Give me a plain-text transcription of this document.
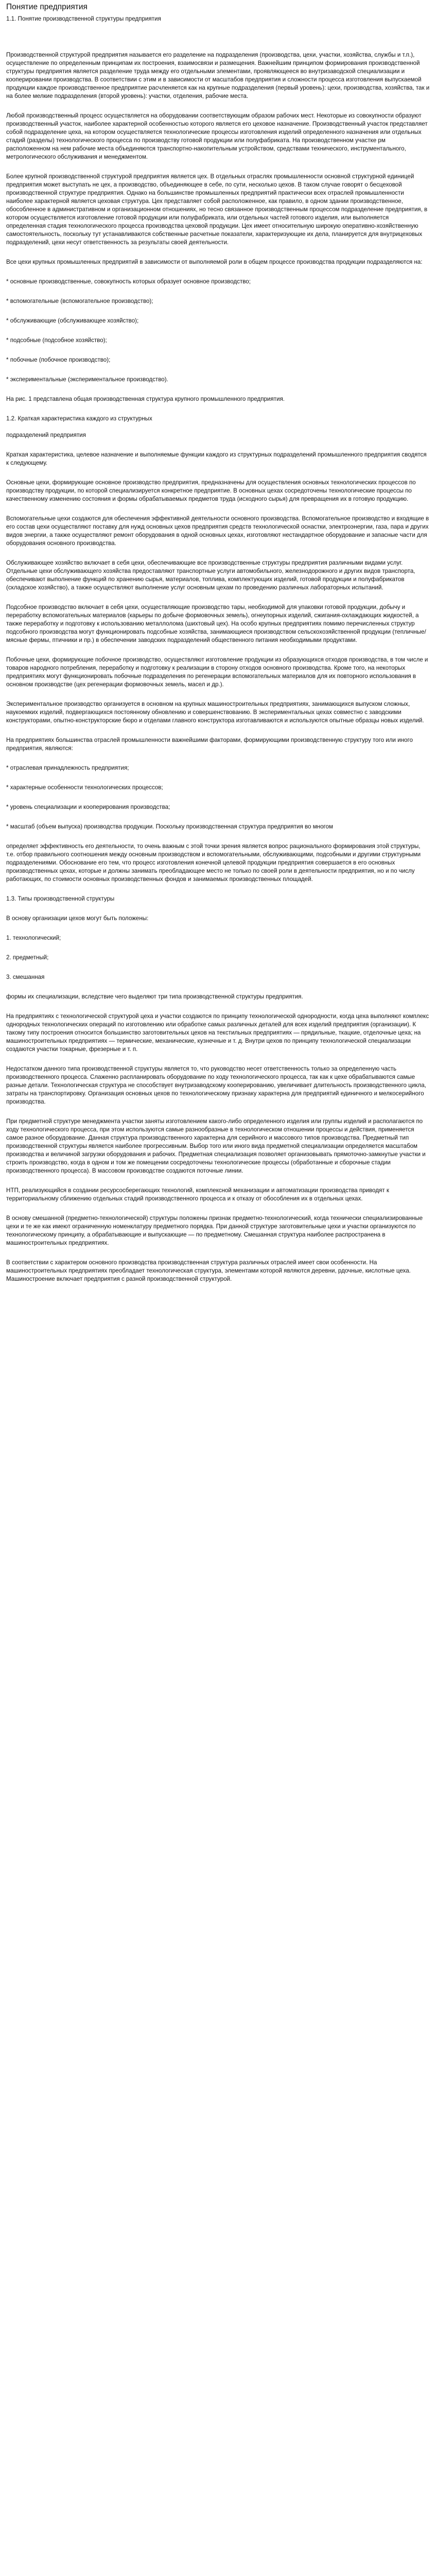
Понятие предприятия
1.1. Понятие производственной структуры предприятия

Производственной структурой предприятия называется его разделение на подразделения (производства, цехи, участки, хозяйства, службы и т.п.), осуществление по определенным принципам их построения, взаимосвязи и размещения. Важнейшим принципом формирования производственной структуры предприятия является разделение труда между его отдельными элементами, проявляющееся во внутризаводской специализации и кооперировании производства. В соответствии с этим и в зависимости от масштабов предприятия и сложности процесса изготовления выпускаемой продукции каждое производственное предприятие расчленяется как на крупные подразделения (первый уровень): цехи, производства, хозяйства, так и на более мелкие подразделения (второй уровень): участки, отделения, рабочие места.

Любой производственный процесс осуществляется на оборудовании соответствующим образом рабочих мест. Некоторые из совокупности образуют производственный участок, наиболее характерной особенностью которого является его цеховое назначение. Производственный участок представляет собой подразделение цеха, на котором осуществляется технологические процессы изготовления изделий определенного назначения или отдельных стадий (разделы) технологического процесса по производству готовой продукции или полуфабриката. На производственном участке рм расположенном на нем рабочие места объединяются транспортно-накопительным устройством, средствами технического, инструментального, метрологического обслуживания и менеджментом.

Более крупной производственной структурой предприятия является цех. В отдельных отраслях промышленности основной структурной единицей предприятия может выступать не цех, а производство, объединяющее в себе, по сути, несколько цехов. В таком случае говорят о бесцеховой производственной структуре предприятия. Однако на большинстве промышленных предприятий практически всех отраслей промышленности наиболее характерной является цеховая структура. Цех представляет собой расположенное, как правило, в одном здании производственное, обособленное в административном и организационном отношениях, но тесно связанное производственным процессом подразделение предприятия, в котором осуществляется изготовление готовой продукции или полуфабриката, или отдельных частей готового изделия, или выполняется определенная стадия технологического процесса производства цеховой продукции. Цех имеет относительную широкую оперативно-хозяйственную самостоятельность, поскольку тут устанавливаются собственные расчетные показатели, характеризующие их дела, планируется для внутрицеховых подразделений, цехи несут ответственность за результаты своей деятельности.

Все цехи крупных промышленных предприятий в зависимости от выполняемой роли в общем процессе производства продукции подразделяются на:

* основные производственные, совокупность которых образует основное производство;

* вспомогательные (вспомогательное производство);

* обслуживающие (обслуживающее хозяйство);

* подсобные (подсобное хозяйство);

* побочные (побочное производство);

* экспериментальные (экспериментальное производство).

На рис. 1 представлена общая производственная структура крупного промышленного предприятия.

1.2. Краткая характеристика каждого из структурных

подразделений предприятия

Краткая характеристика, целевое назначение и выполняемые функции каждого из структурных подразделений промышленного предприятия сводятся к следующему.

Основные цехи, формирующие основное производство предприятия, предназначены для осуществления основных технологических процессов по производству продукции, по которой специализируется конкретное предприятие. В основных цехах сосредоточены технологические процессы по качественному изменению состояния и формы обрабатываемых предметов труда (исходного сырья) для превращения их в готовую продукцию.

Вспомогательные цехи создаются для обеспечения эффективной деятельности основного производства. Вспомогательное производство и входящие в его состав цехи осуществляют поставку для нужд основных цехов предприятия средств технологической оснастки, электроэнергии, газа, пара и других видов энергии, а также осуществляют ремонт оборудования в одной основных цехах, изготовляют нестандартное оборудование и запасные части для оборудования основного производства.

Обслуживающее хозяйство включает в себя цехи, обеспечивающие все производственные структуры предприятия различными видами услуг. Отдельные цехи обслуживающего хозяйства предоставляют транспортные услуги автомобильного, железнодорожного и других видов транспорта, обеспечивают выполнение функций по хранению сырья, материалов, топлива, комплектующих изделий, готовой продукции и полуфабрикатов (складское хозяйство), а также осуществляют выполнение услуг основным цехам по проведению различных лабораторных испытаний.

Подсобное производство включает в себя цехи, осуществляющие производство тары, необходимой для упаковки готовой продукции, добычу и переработку вспомогательных материалов (карьеры по добыче формовочных земель), огнеупорных изделий, сжигания-охлаждающих жидкостей, а также переработку и подготовку к использованию металлолома (шихтовый цех). На особо крупных предприятиях помимо перечисленных структур подсобного производства могут функционировать подсобные хозяйства, занимающиеся производством сельскохозяйственной продукции (тепличные/мясные фермы, птичники и пр.) в обеспечении заводских подразделений общественного питания необходимыми продуктами.

Побочные цехи, формирующие побочное производство, осуществляют изготовление продукции из образующихся отходов производства, в том числе и товаров народного потребления, переработку и подготовку к реализации в сторону отходов основного производства. Кроме того, на некоторых предприятиях могут функционировать побочные подразделения по регенерации вспомогательных материалов для их повторного использования в основном производстве (цех регенерации формовочных земель, масел и др.).

Экспериментальное производство организуется в основном на крупных машиностроительных предприятиях, занимающихся выпуском сложных, наукоемких изделий, подвергающихся постоянному обновлению и совершенствованию. В экспериментальных цехах совместно с заводскими конструкторами, опытно-конструкторские бюро и отделами главного конструктора изготавливаются и используются опытные образцы новых изделий.

На предприятиях большинства отраслей промышленности важнейшими факторами, формирующими производственную структуру того или иного предприятия, являются:

* отраслевая принадлежность предприятия;

* характерные особенности технологических процессов;

* уровень специализации и кооперирования производства;

* масштаб (объем выпуска) производства продукции. Поскольку производственная структура предприятия во многом

определяет эффективность его деятельности, то очень важным с этой точки зрения является вопрос рационального формирования этой структуры, т.е. отбор правильного соотношения между основным производством и вспомогательными, обслуживающими, подсобными и другими структурными подразделениями. Обоснование его тем, что процесс изготовления конечной целевой продукции предприятия совершается в его основных производственных цехах, которые и должны занимать преобладающее место не только по своей роли в деятельности предприятия, но и по числу работающих, по стоимости основных производственных фондов и занимаемых производственных площадей.

1.3. Типы производственной структуры

В основу организации цехов могут быть положены:

1. технологический;

2. предметный;

3. смешанная

формы их специализации, вследствие чего выделяют три типа производственной структуры предприятия.

На предприятиях с технологической структурой цеха и участки создаются по принципу технологической однородности, когда цеха выполняют комплекс однородных технологических операций по изготовлению или обработке самых различных деталей для всех изделий предприятия (организации). К такому типу построения относится большинство заготовительных цехов на текстильных предприятиях — прядильные, ткацкие, отделочные цеха; на машиностроительных предприятиях — термические, механические, кузнечные и т. д. Внутри цехов по принципу технологической специализации создаются участки токарные, фрезерные и т. п.

Недостатком данного типа производственной структуры является то, что руководство несет ответственность только за определенную часть производственного процесса. Слаженно распланировать оборудование по ходу технологического процесса, так как к цехе обрабатываются самые разные детали. Технологическая структура не способствует внутризаводскому кооперированию, увеличивает длительность производственного цикла, затраты на транспортировку. Организация основных цехов по технологическому признаку характерна для предприятий единичного и мелкосерийного производства.

При предметной структуре менеджмента участки заняты изготовлением какого-либо определенного изделия или группы изделий и располагаются по ходу технологического процесса, при этом используются самые разнообразные в технологическом отношении процессы и действия, применяется самое разное оборудование. Данная структура производственного характерна для серийного и массового типов производства. Предметный тип производственной структуры является наиболее прогрессивным. Выбор того или иного вида предметной специализации определяется масштабом производства и величиной загрузки оборудования и рабочих. Предметная специализация позволяет организовывать прямоточно-замкнутые участки и строить производство, когда в одном и том же помещении сосредоточены технологические процессы (обработанные и сборочные стадии производственного процесса). В массовом производстве создаются поточные линии.

НТП, реализующийся в создании ресурсосберегающих технологий, комплексной механизации и автоматизации производства приводят к территориальному сближению отдельных стадий производственного процесса и к отказу от обособления их в отдельных цехах.

В основу смешанной (предметно-технологической) структуры положены признак предметно-технологический, когда технически специализированные цехи и те же как имеют ограниченную номенклатуру предметного порядка. При данной структуре заготовительные цехи и участки организуются по технологическому принципу, а обрабатывающие и выпускающие — по предметному. Смешанная структура наиболее распространена в машиностроительных предприятиях.

В соответствии с характером основного производства производственная структура различных отраслей имеет свои особенности. На машиностроительных предприятиях преобладает технологическая структура, элементами которой являются деревни, рдочные, кислотные цеха. Машиностроение включает предприятия с разной производственной структурой.
